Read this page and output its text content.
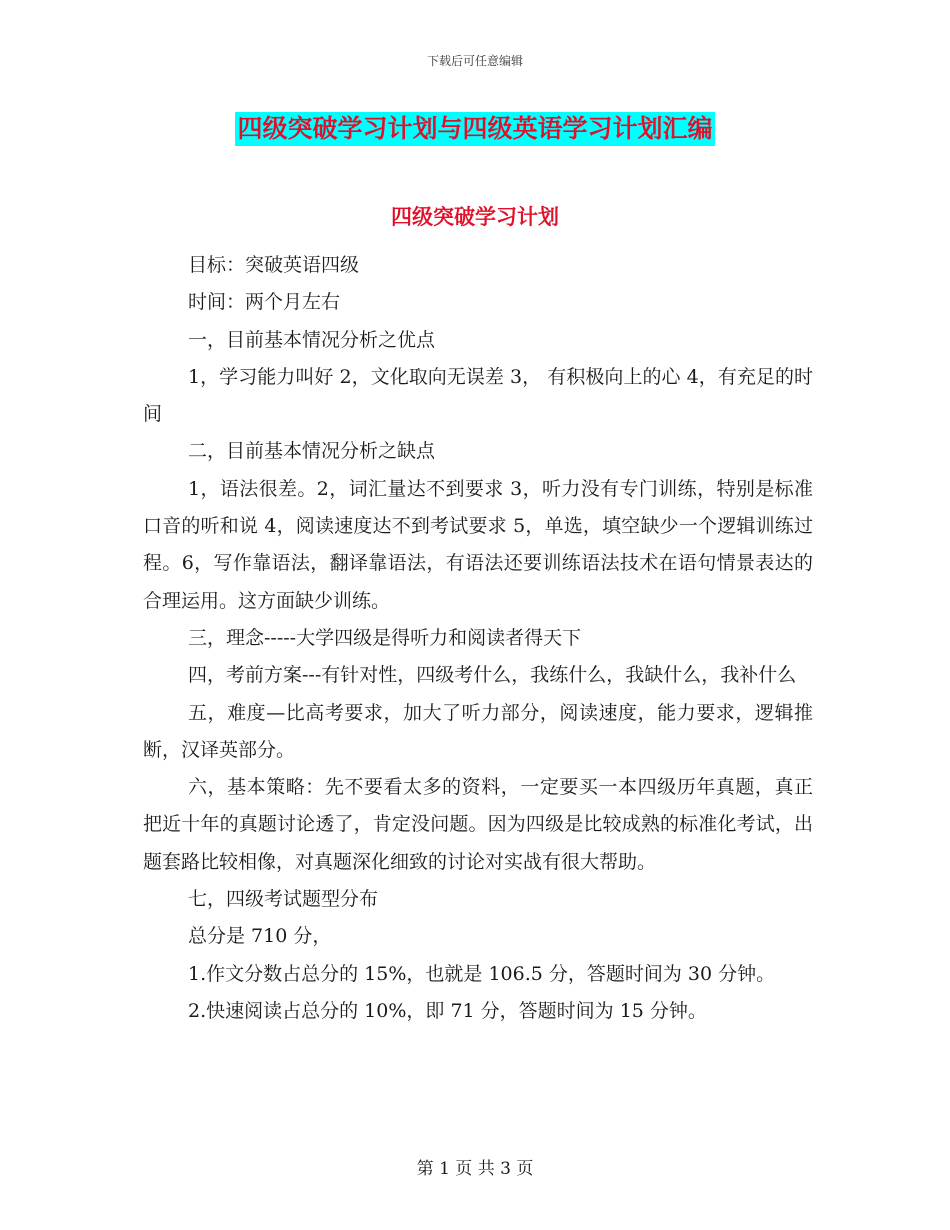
下载后可任意编辑
四级突破学习计划与四级英语学习计划汇编
四级突破学习计划

目标：突破英语四级

时间：两个月左右

一，目前基本情况分析之优点

1，学习能力叫好 2，文化取向无误差 3， 有积极向上的心 4，有充足的时间

二，目前基本情况分析之缺点

1，语法很差。2，词汇量达不到要求 3，听力没有专门训练，特别是标准口音的听和说 4，阅读速度达不到考试要求 5，单选，填空缺少一个逻辑训练过程。6，写作靠语法，翻译靠语法，有语法还要训练语法技术在语句情景表达的合理运用。这方面缺少训练。

三，理念-----大学四级是得听力和阅读者得天下

四，考前方案---有针对性，四级考什么，我练什么，我缺什么，我补什么

五，难度—比高考要求，加大了听力部分，阅读速度，能力要求，逻辑推断，汉译英部分。

六，基本策略：先不要看太多的资料，一定要买一本四级历年真题，真正把近十年的真题讨论透了，肯定没问题。因为四级是比较成熟的标准化考试，出题套路比较相像，对真题深化细致的讨论对实战有很大帮助。

七，四级考试题型分布

总分是 710 分，

1.作文分数占总分的 15%，也就是 106.5 分，答题时间为 30 分钟。

2.快速阅读占总分的 10%，即 71 分，答题时间为 15 分钟。

第 1 页 共 3 页
